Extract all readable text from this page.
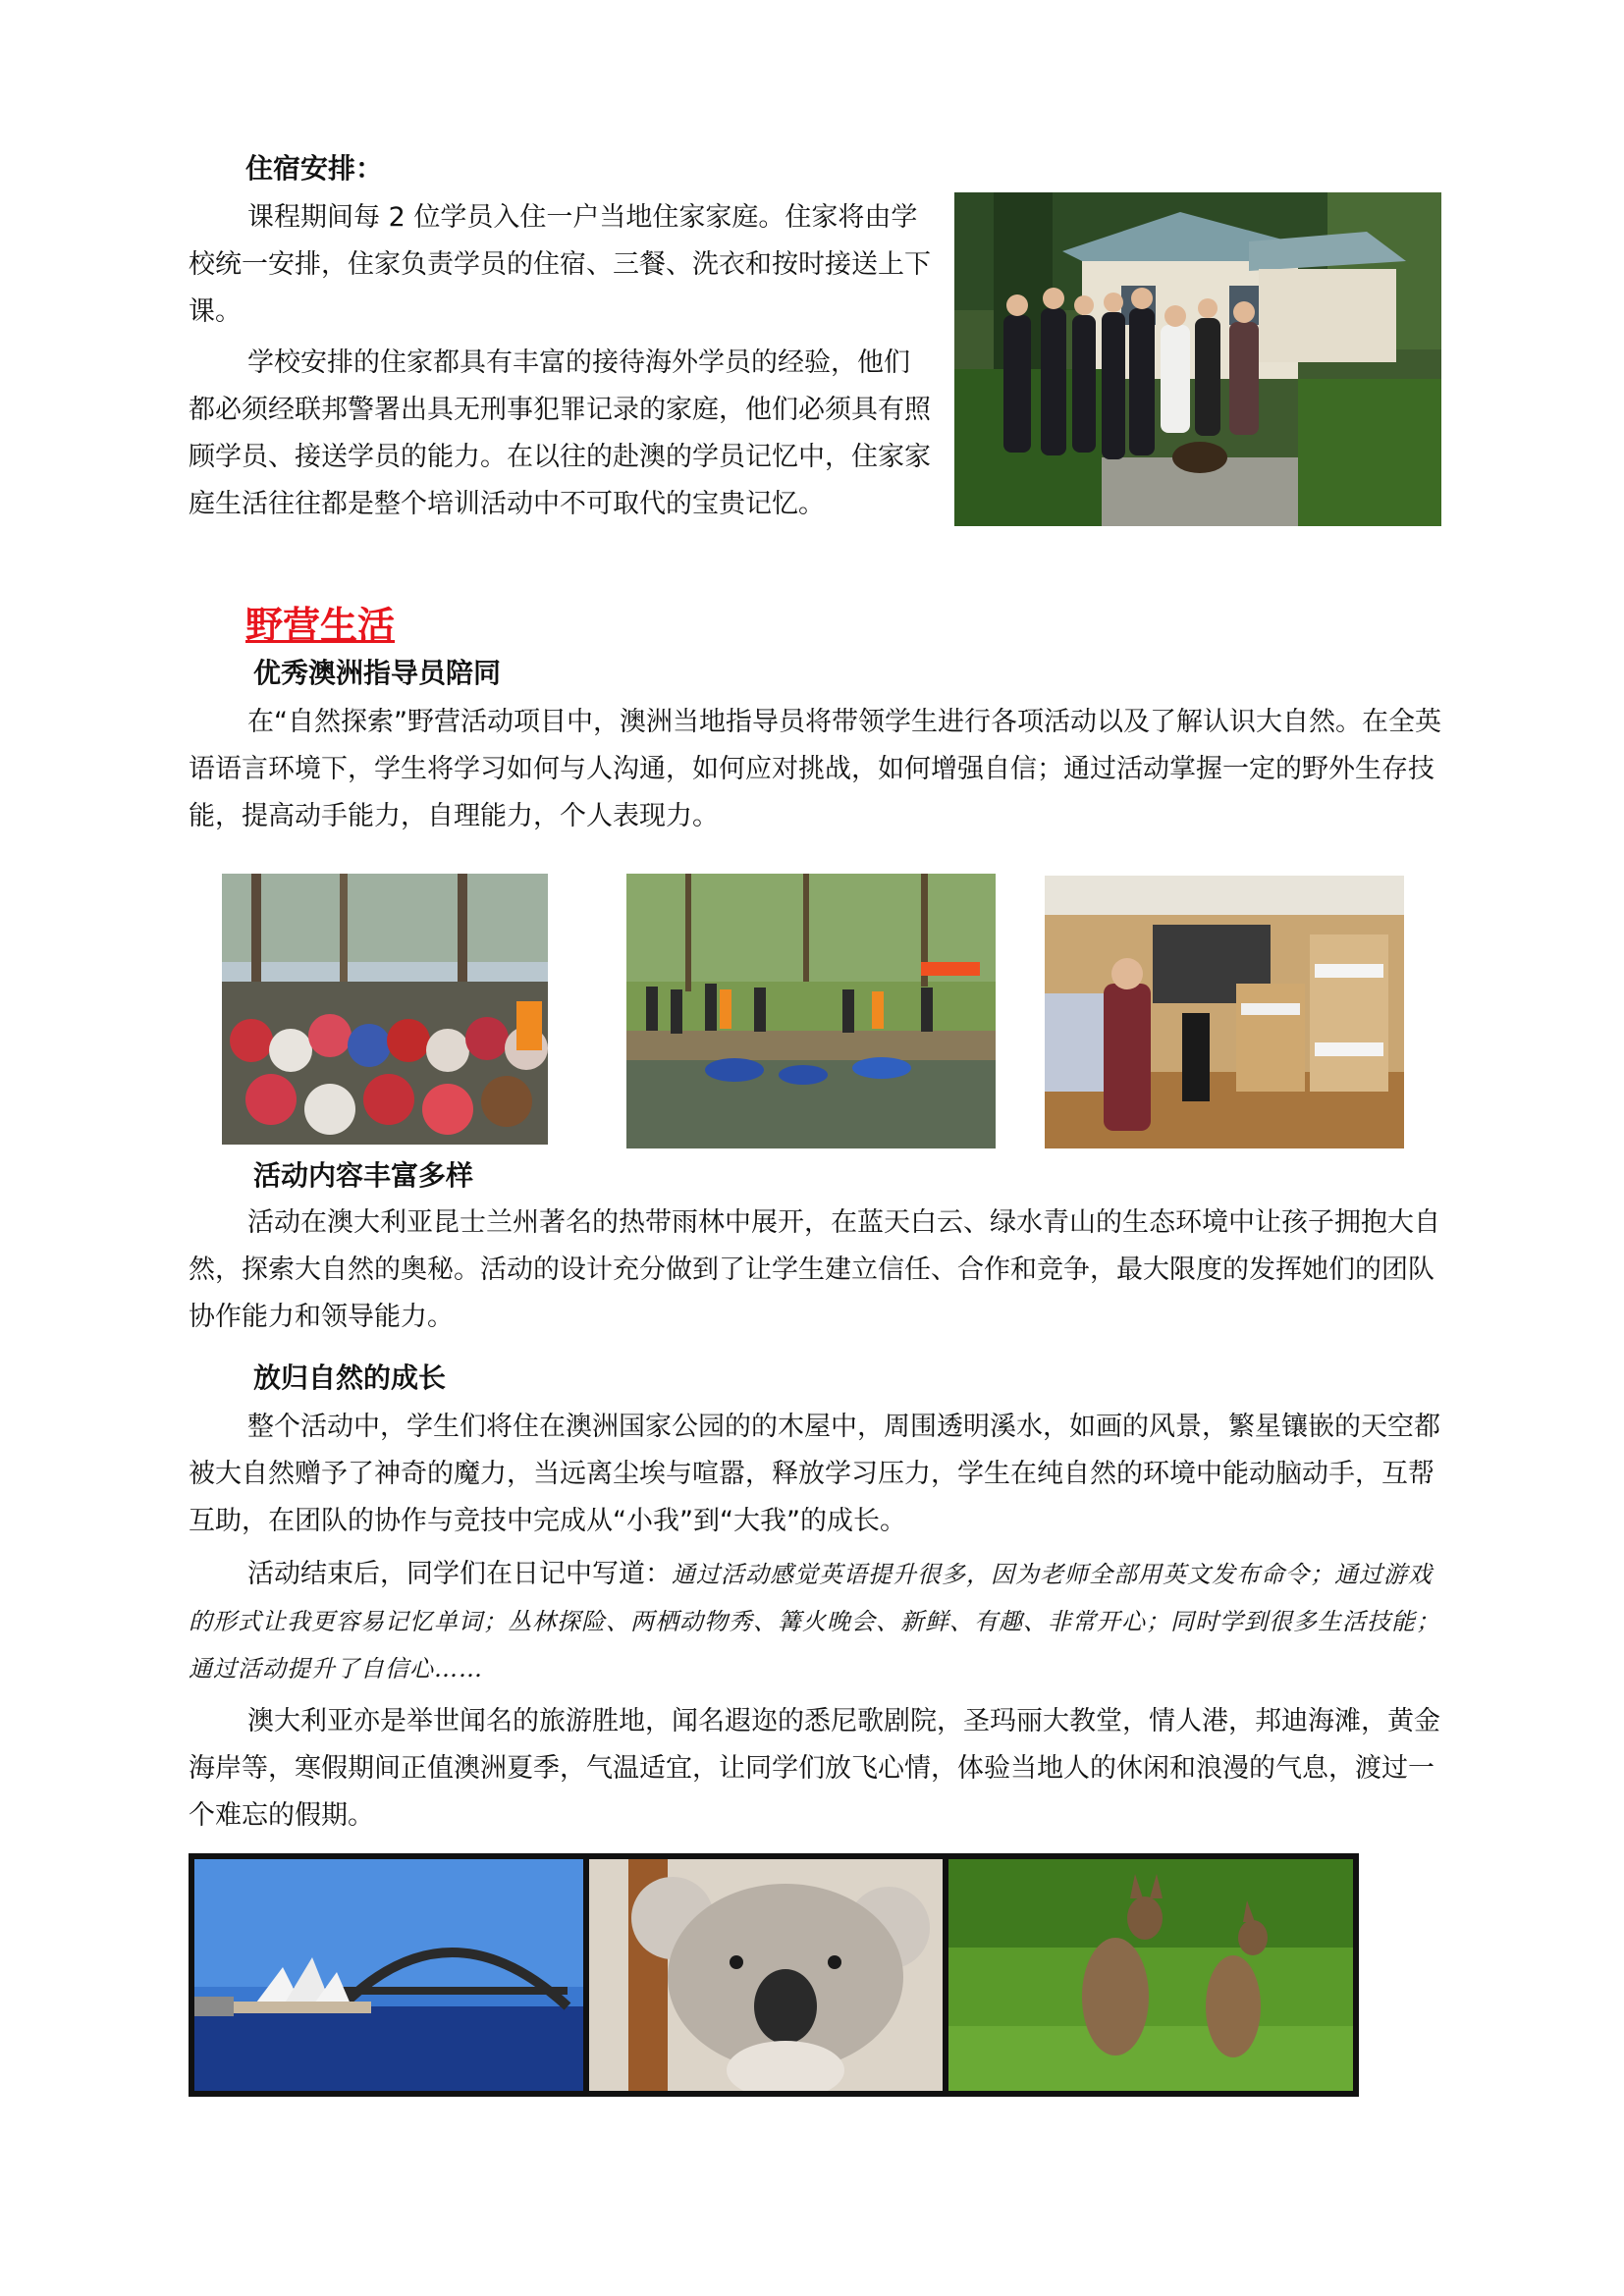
住宿安排：

课程期间每 2 位学员入住一户当地住家家庭。住家将由学校统一安排，住家负责学员的住宿、三餐、洗衣和按时接送上下课。

学校安排的住家都具有丰富的接待海外学员的经验，他们都必须经联邦警署出具无刑事犯罪记录的家庭，他们必须具有照顾学员、接送学员的能力。在以往的赴澳的学员记忆中，住家家庭生活往往都是整个培训活动中不可取代的宝贵记忆。

野营生活
优秀澳洲指导员陪同

在“自然探索”野营活动项目中，澳洲当地指导员将带领学生进行各项活动以及了解认识大自然。在全英语语言环境下，学生将学习如何与人沟通，如何应对挑战，如何增强自信；通过活动掌握一定的野外生存技能，提高动手能力，自理能力，个人表现力。

活动内容丰富多样

活动在澳大利亚昆士兰州著名的热带雨林中展开，在蓝天白云、绿水青山的生态环境中让孩子拥抱大自然，探索大自然的奥秘。活动的设计充分做到了让学生建立信任、合作和竞争，最大限度的发挥她们的团队协作能力和领导能力。

放归自然的成长

整个活动中，学生们将住在澳洲国家公园的的木屋中，周围透明溪水，如画的风景，繁星镶嵌的天空都被大自然赠予了神奇的魔力，当远离尘埃与喧嚣，释放学习压力，学生在纯自然的环境中能动脑动手，互帮互助，在团队的协作与竞技中完成从“小我”到“大我”的成长。

活动结束后，同学们在日记中写道：通过活动感觉英语提升很多，因为老师全部用英文发布命令；通过游戏的形式让我更容易记忆单词；丛林探险、两栖动物秀、篝火晚会、新鲜、有趣、非常开心；同时学到很多生活技能；通过活动提升了自信心……

澳大利亚亦是举世闻名的旅游胜地，闻名遐迩的悉尼歌剧院，圣玛丽大教堂，情人港，邦迪海滩，黄金海岸等，寒假期间正值澳洲夏季，气温适宜，让同学们放飞心情，体验当地人的休闲和浪漫的气息，渡过一个难忘的假期。
